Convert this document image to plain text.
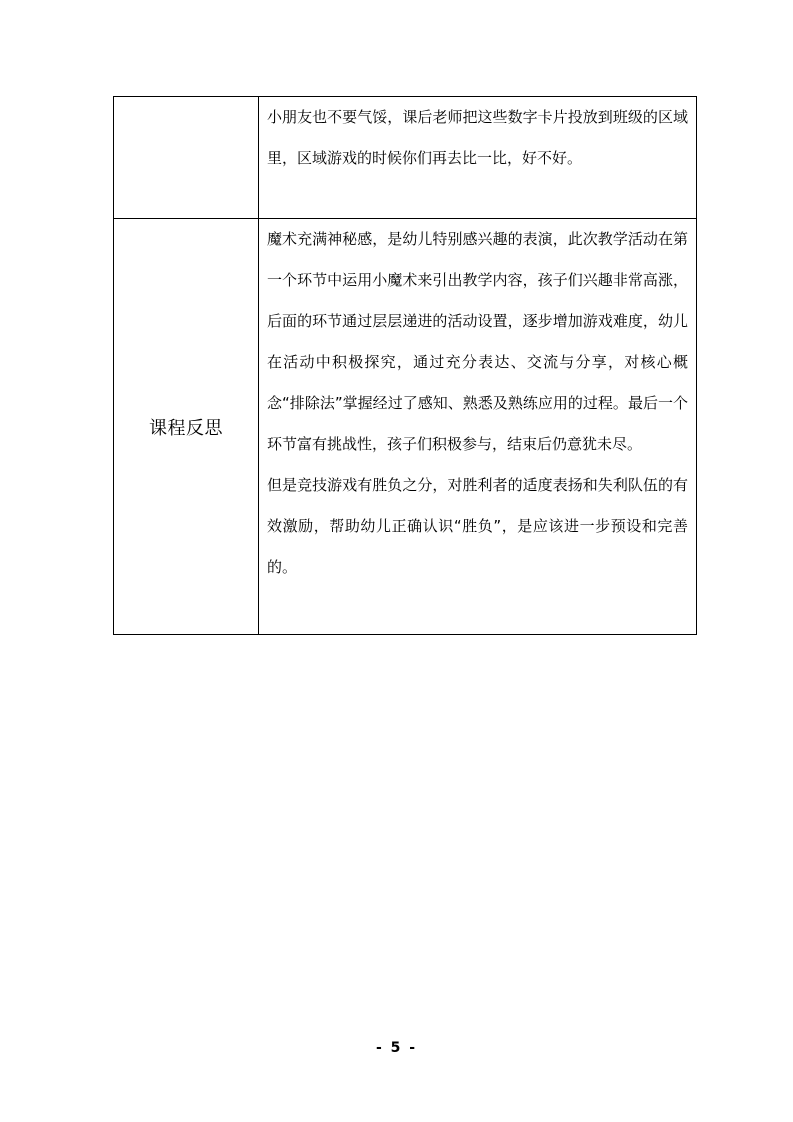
	小朋友也不要气馁，课后老师把这些数字卡片投放到班级的区域里，区域游戏的时候你们再去比一比，好不好。

课程反思	魔术充满神秘感，是幼儿特别感兴趣的表演，此次教学活动在第一个环节中运用小魔术来引出教学内容，孩子们兴趣非常高涨，后面的环节通过层层递进的活动设置，逐步增加游戏难度，幼儿在活动中积极探究，通过充分表达、交流与分享，对核心概念“排除法”掌握经过了感知、熟悉及熟练应用的过程。最后一个环节富有挑战性，孩子们积极参与，结束后仍意犹未尽。

但是竞技游戏有胜负之分，对胜利者的适度表扬和失利队伍的有效激励，帮助幼儿正确认识“胜负”，是应该进一步预设和完善的。

- 5 -
